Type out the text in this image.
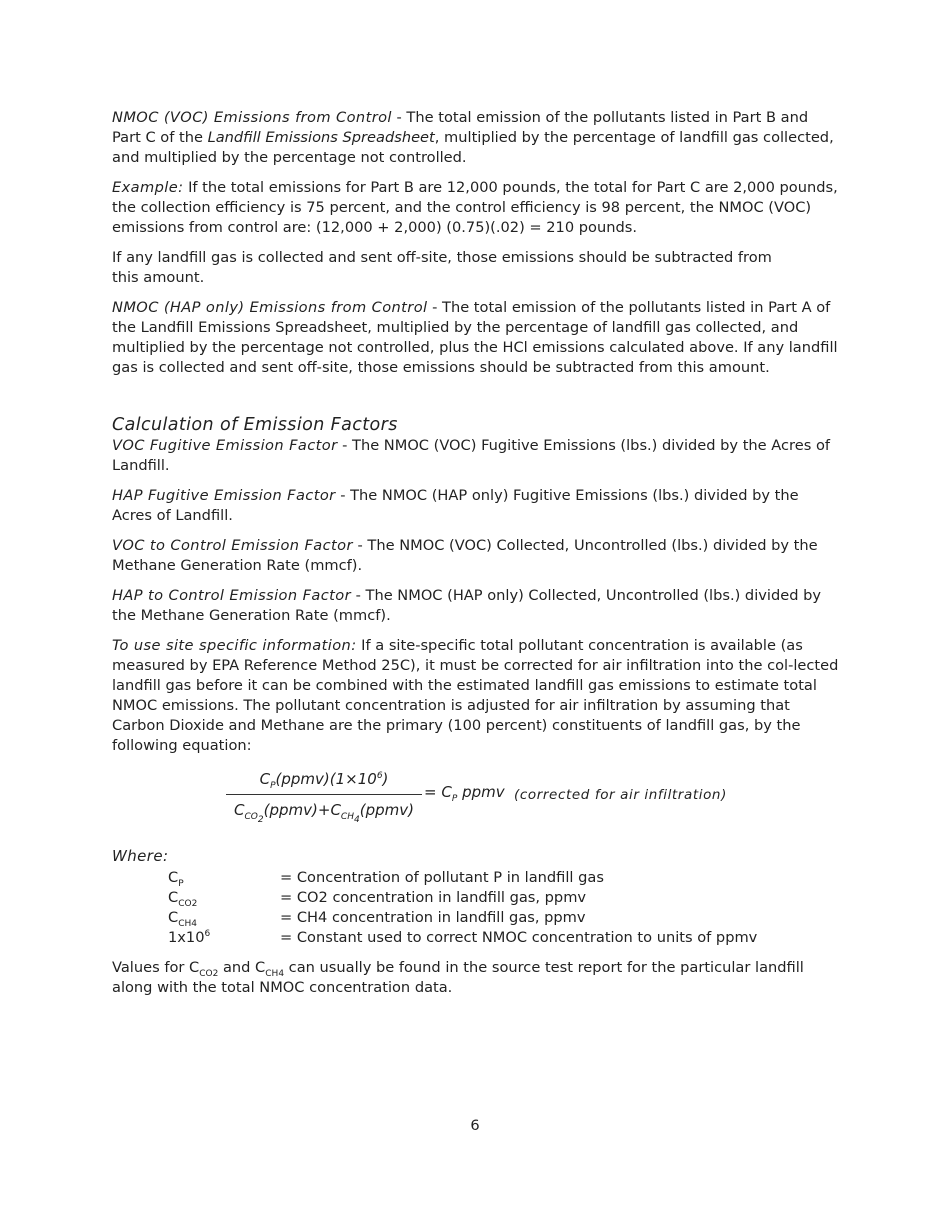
NMOC (VOC) Emissions from Control - The total emission of the pollutants listed in Part B and Part C of the Landfill Emissions Spreadsheet, multiplied by the percentage of landfill gas collected, and multiplied by the percentage not controlled.

Example: If the total emissions for Part B are 12,000 pounds, the total for Part C are 2,000 pounds, the collection efficiency is 75 percent, and the control efficiency is 98 percent, the NMOC (VOC) emissions from control are: (12,000 + 2,000) (0.75)(.02) = 210 pounds.

If any landfill gas is collected and sent off-site, those emissions should be subtracted from
this amount.

NMOC (HAP only) Emissions from Control - The total emission of the pollutants listed in Part A of the Landfill Emissions Spreadsheet, multiplied by the percentage of landfill gas collected, and multiplied by the percentage not controlled, plus the HCl emissions calculated above. If any landfill gas is collected and sent off-site, those emissions should be subtracted from this amount.

Calculation of Emission Factors

VOC Fugitive Emission Factor - The NMOC (VOC) Fugitive Emissions (lbs.) divided by the Acres of Landfill.

HAP Fugitive Emission Factor - The NMOC (HAP only) Fugitive Emissions (lbs.) divided by the Acres of Landfill.

VOC to Control Emission Factor - The NMOC (VOC) Collected, Uncontrolled (lbs.) divided by the Methane Generation Rate (mmcf).

HAP to Control Emission Factor - The NMOC (HAP only) Collected, Uncontrolled (lbs.) divided by the Methane Generation Rate (mmcf).

To use site specific information: If a site-specific total pollutant concentration is available (as measured by EPA Reference Method 25C), it must be corrected for air infiltration into the col-lected landfill gas before it can be combined with the estimated landfill gas emissions to estimate total NMOC emissions. The pollutant concentration is adjusted for air infiltration by assuming that Carbon Dioxide and Methane are the primary (100 percent) constituents of landfill gas, by the following equation:

$C_P(ppmv)(1\times 10^6)$
$C_{CO_2}(ppmv)+C_{CH_4}(ppmv)$
= $C_P$ ppmv (corrected for air infiltration)
Where:
$C_P$	= Concentration of pollutant P in landfill gas
$C_{CO2}$	= CO2 concentration in landfill gas, ppmv
$C_{CH4}$	= CH4 concentration in landfill gas, ppmv
$1x10^6$	= Constant used to correct NMOC concentration to units of ppmv

Values for $C_{CO2}$ and $C_{CH4}$ can usually be found in the source test report for the particular landfill along with the total NMOC concentration data.

6
